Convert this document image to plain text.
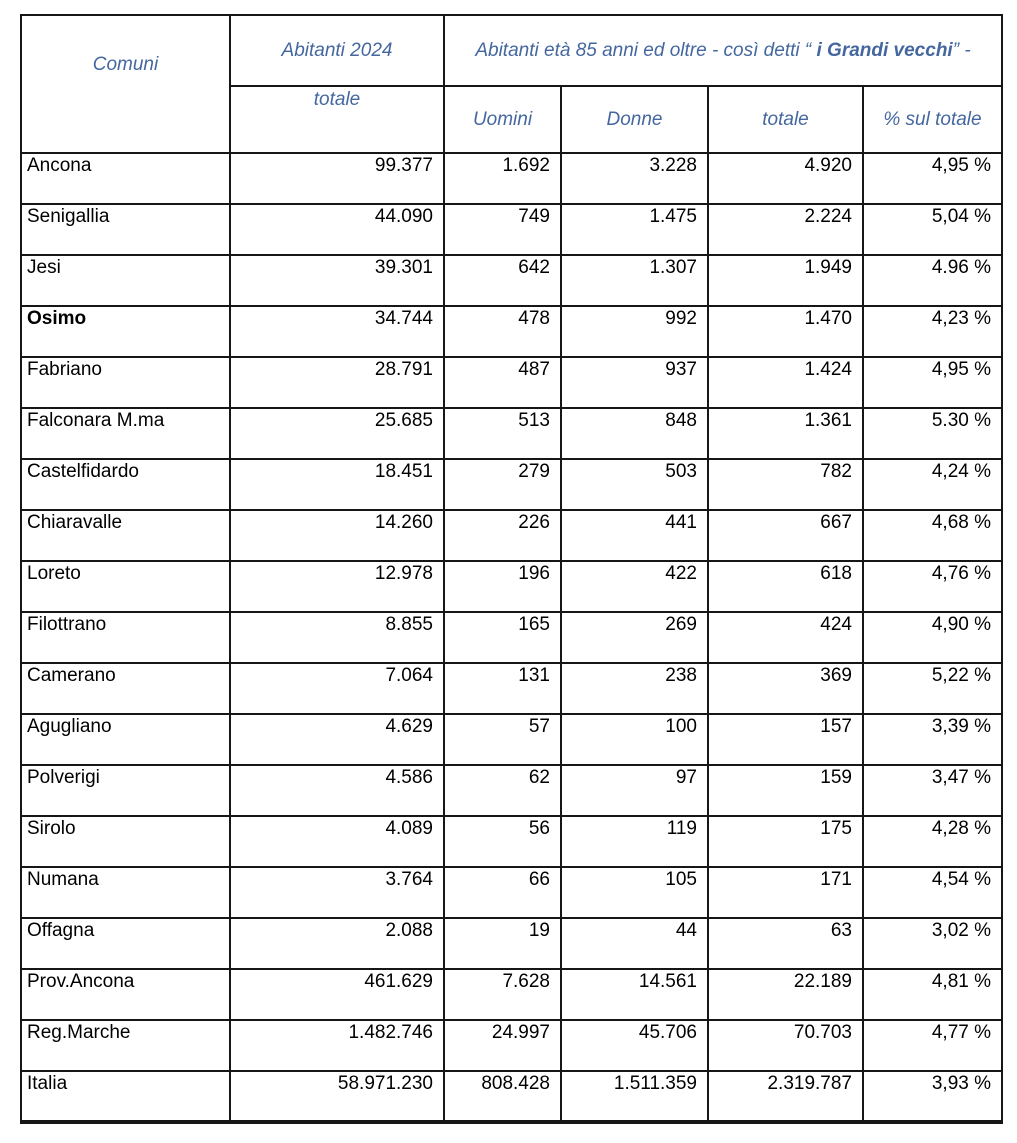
Comuni	Abitanti 2024	Abitanti età 85 anni ed oltre - così detti “ i Grandi vecchi” -			
	totale	Uomini	Donne	totale	% sul totale
Ancona	99.377	1.692	3.228	4.920	4,95 %
Senigallia	44.090	749	1.475	2.224	5,04 %
Jesi	39.301	642	1.307	1.949	4.96 %
Osimo	34.744	478	992	1.470	4,23 %
Fabriano	28.791	487	937	1.424	4,95 %
Falconara M.ma	25.685	513	848	1.361	5.30 %
Castelfidardo	18.451	279	503	782	4,24 %
Chiaravalle	14.260	226	441	667	4,68 %
Loreto	12.978	196	422	618	4,76 %
Filottrano	8.855	165	269	424	4,90 %
Camerano	7.064	131	238	369	5,22 %
Agugliano	4.629	57	100	157	3,39 %
Polverigi	4.586	62	97	159	3,47 %
Sirolo	4.089	56	119	175	4,28 %
Numana	3.764	66	105	171	4,54 %
Offagna	2.088	19	44	63	3,02 %
Prov.Ancona	461.629	7.628	14.561	22.189	4,81 %
Reg.Marche	1.482.746	24.997	45.706	70.703	4,77 %
Italia	58.971.230	808.428	1.511.359	2.319.787	3,93 %
